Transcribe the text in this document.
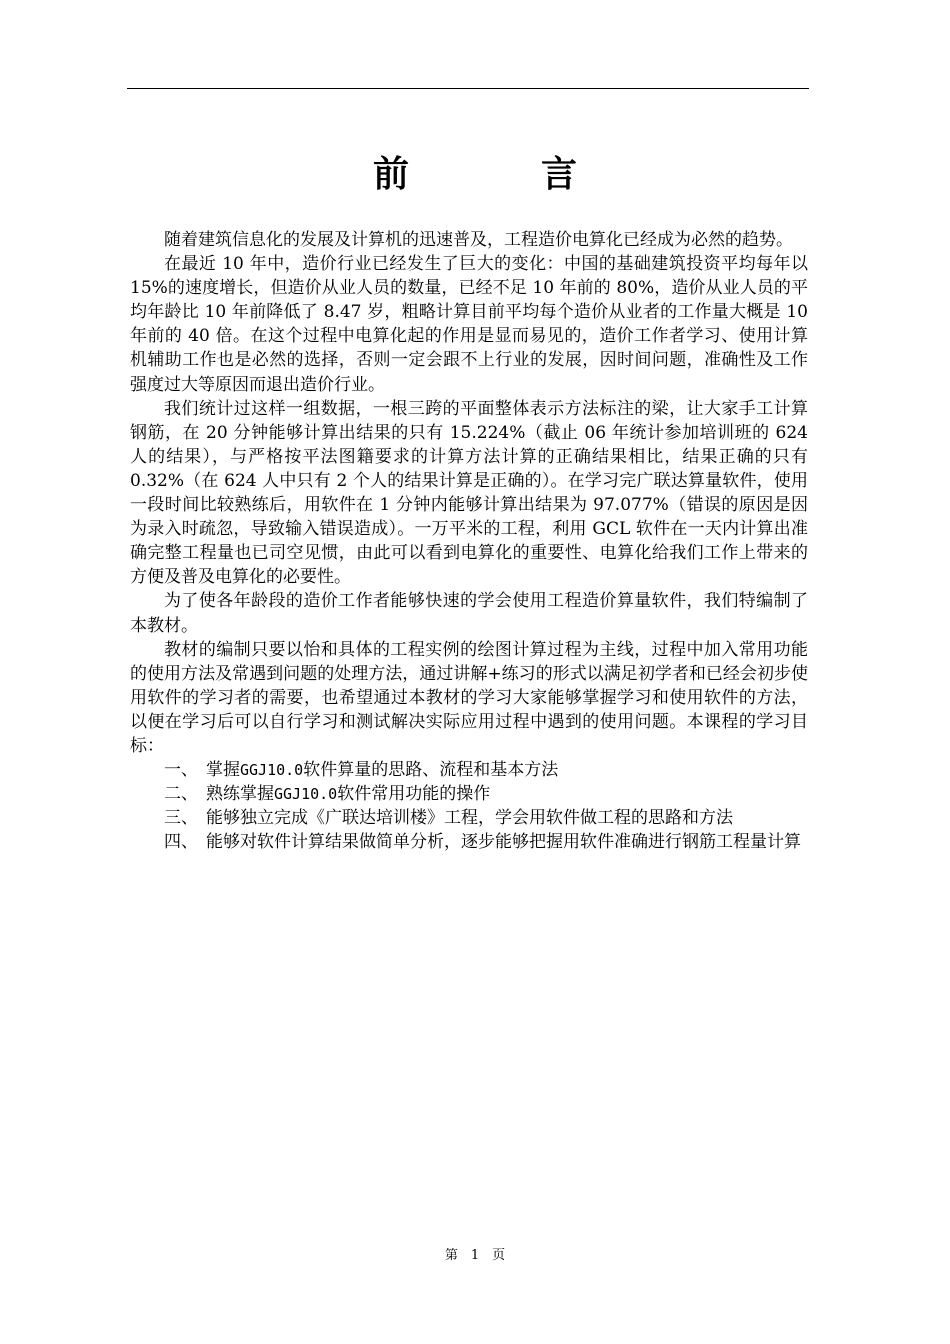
前　言

随着建筑信息化的发展及计算机的迅速普及，工程造价电算化已经成为必然的趋势。

在最近 10 年中，造价行业已经发生了巨大的变化：中国的基础建筑投资平均每年以 15%的速度增长，但造价从业人员的数量，已经不足 10 年前的 80%，造价从业人员的平均年龄比 10 年前降低了 8.47 岁，粗略计算目前平均每个造价从业者的工作量大概是 10 年前的 40 倍。在这个过程中电算化起的作用是显而易见的，造价工作者学习、使用计算机辅助工作也是必然的选择，否则一定会跟不上行业的发展，因时间问题，准确性及工作强度过大等原因而退出造价行业。

我们统计过这样一组数据，一根三跨的平面整体表示方法标注的梁，让大家手工计算钢筋，在 20 分钟能够计算出结果的只有 15.224%（截止 06 年统计参加培训班的 624 人的结果），与严格按平法图籍要求的计算方法计算的正确结果相比，结果正确的只有 0.32%（在 624 人中只有 2 个人的结果计算是正确的）。在学习完广联达算量软件，使用一段时间比较熟练后，用软件在 1 分钟内能够计算出结果为 97.077%（错误的原因是因为录入时疏忽，导致输入错误造成）。一万平米的工程，利用 GCL 软件在一天内计算出准确完整工程量也已司空见惯，由此可以看到电算化的重要性、电算化给我们工作上带来的方便及普及电算化的必要性。

为了使各年龄段的造价工作者能够快速的学会使用工程造价算量软件，我们特编制了本教材。

教材的编制只要以怡和具体的工程实例的绘图计算过程为主线，过程中加入常用功能的使用方法及常遇到问题的处理方法，通过讲解+练习的形式以满足初学者和已经会初步使用软件的学习者的需要，也希望通过本教材的学习大家能够掌握学习和使用软件的方法，以便在学习后可以自行学习和测试解决实际应用过程中遇到的使用问题。本课程的学习目标：

一、 掌握GGJ10.0软件算量的思路、流程和基本方法
二、 熟练掌握GGJ10.0软件常用功能的操作
三、 能够独立完成《广联达培训楼》工程，学会用软件做工程的思路和方法
四、 能够对软件计算结果做简单分析，逐步能够把握用软件准确进行钢筋工程量计算
第　1　页
